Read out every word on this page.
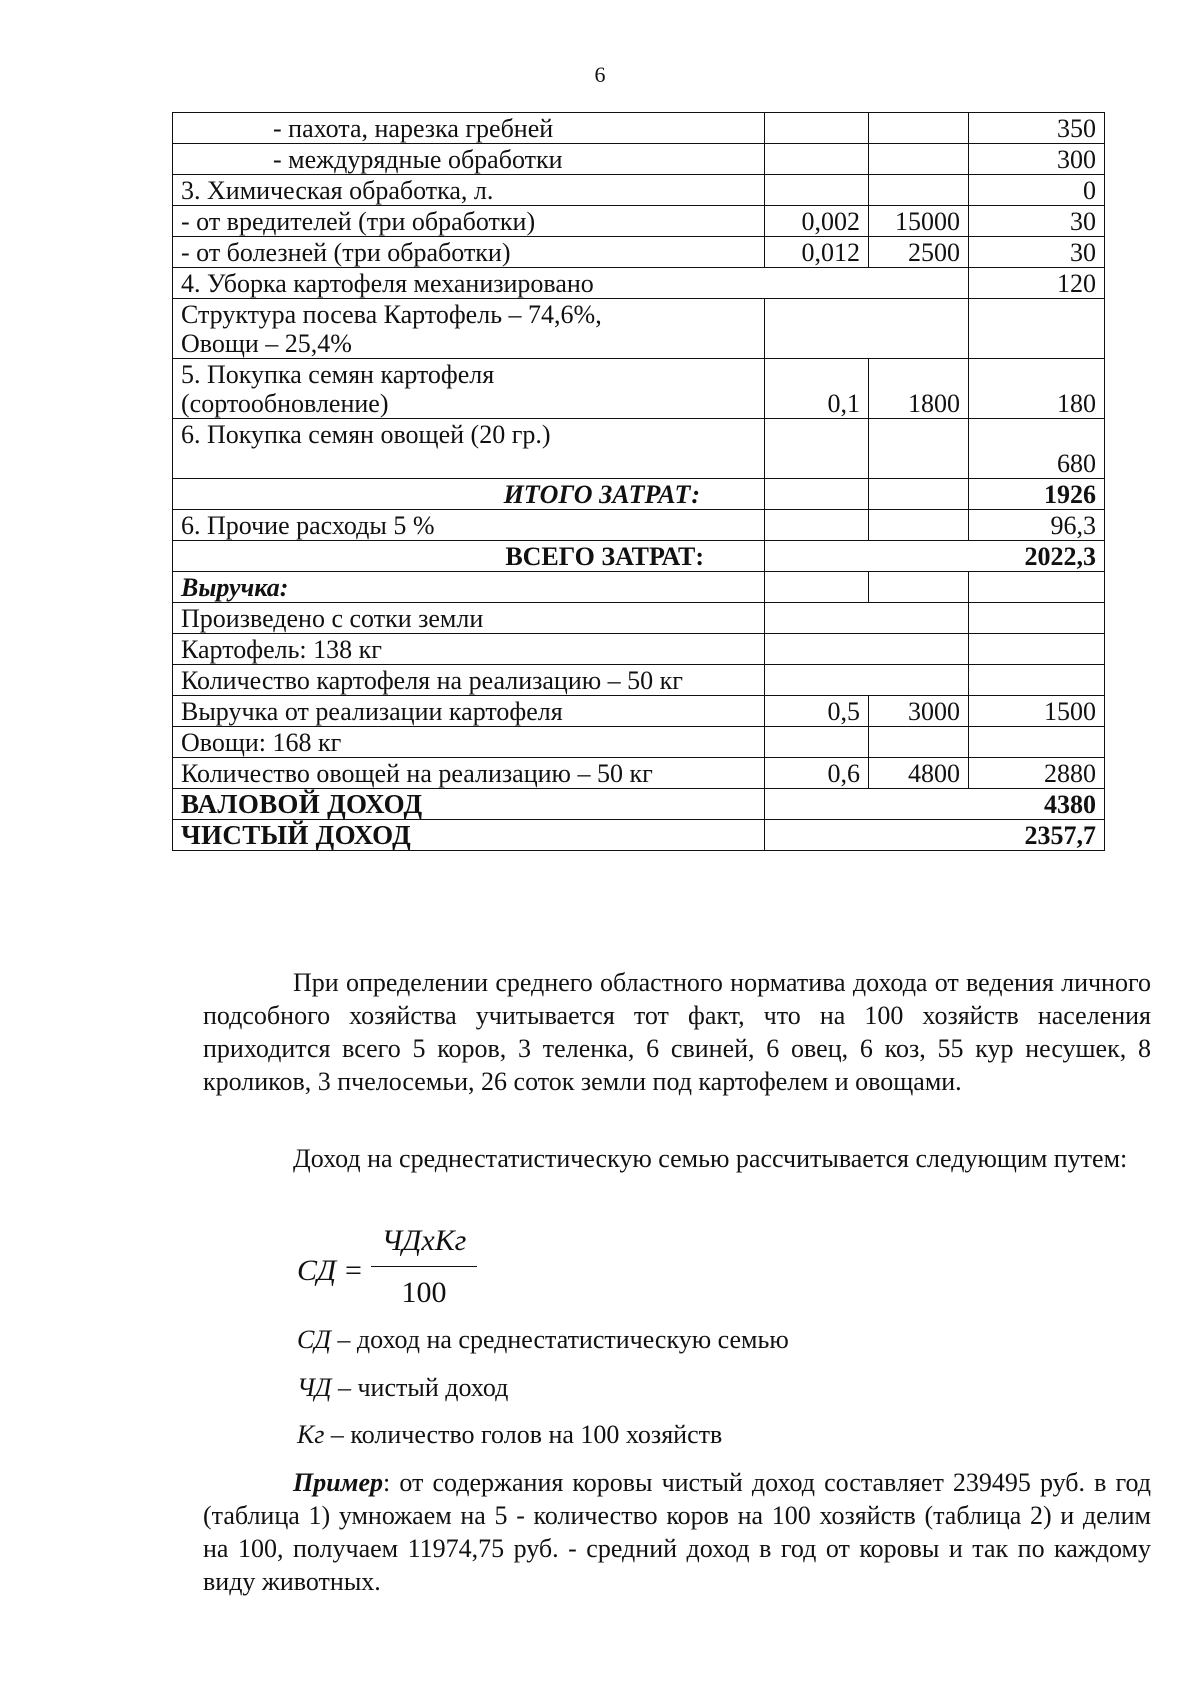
6
- пахота, нарезка гребней			350
- междурядные обработки			300
3. Химическая обработка, л.			0
- от вредителей (три обработки)	0,002	15000	30
- от болезней (три обработки)	0,012	2500	30
4. Уборка картофеля механизировано			120
Структура посева Картофель – 74,6%,
Овощи – 25,4%			
5. Покупка семян картофеля
(сортообновление)	0,1	1800	180
6. Покупка семян овощей (20 гр.)			680
ИТОГО ЗАТРАТ:			1926
6. Прочие расходы 5 %			96,3
ВСЕГО ЗАТРАТ:	2022,3		
Выручка:			
Произведено с сотки земли			
Картофель: 138 кг			
Количество картофеля на реализацию – 50 кг			
Выручка от реализации картофеля	0,5	3000	1500
Овощи: 168 кг			
Количество овощей на реализацию – 50 кг	0,6	4800	2880
ВАЛОВОЙ ДОХОД	4380		
ЧИСТЫЙ ДОХОД	2357,7		
При определении среднего областного норматива дохода от ведения личного подсобного хозяйства учитывается тот факт, что на 100 хозяйств населения приходится всего 5 коров, 3 теленка, 6 свиней, 6 овец, 6 коз, 55 кур несушек, 8 кроликов, 3 пчелосемьи, 26 соток земли под картофелем и овощами.
Доход на среднестатистическую семью рассчитывается следующим путем:
СД =
ЧДхКг
100
СД – доход на среднестатистическую семью
ЧД – чистый доход
Кг – количество голов на 100 хозяйств
Пример: от содержания коровы чистый доход составляет 239495 руб. в год (таблица 1) умножаем на 5 - количество коров на 100 хозяйств (таблица 2) и делим на 100, получаем 11974,75 руб. - средний доход в год от коровы и так по каждому виду животных.
